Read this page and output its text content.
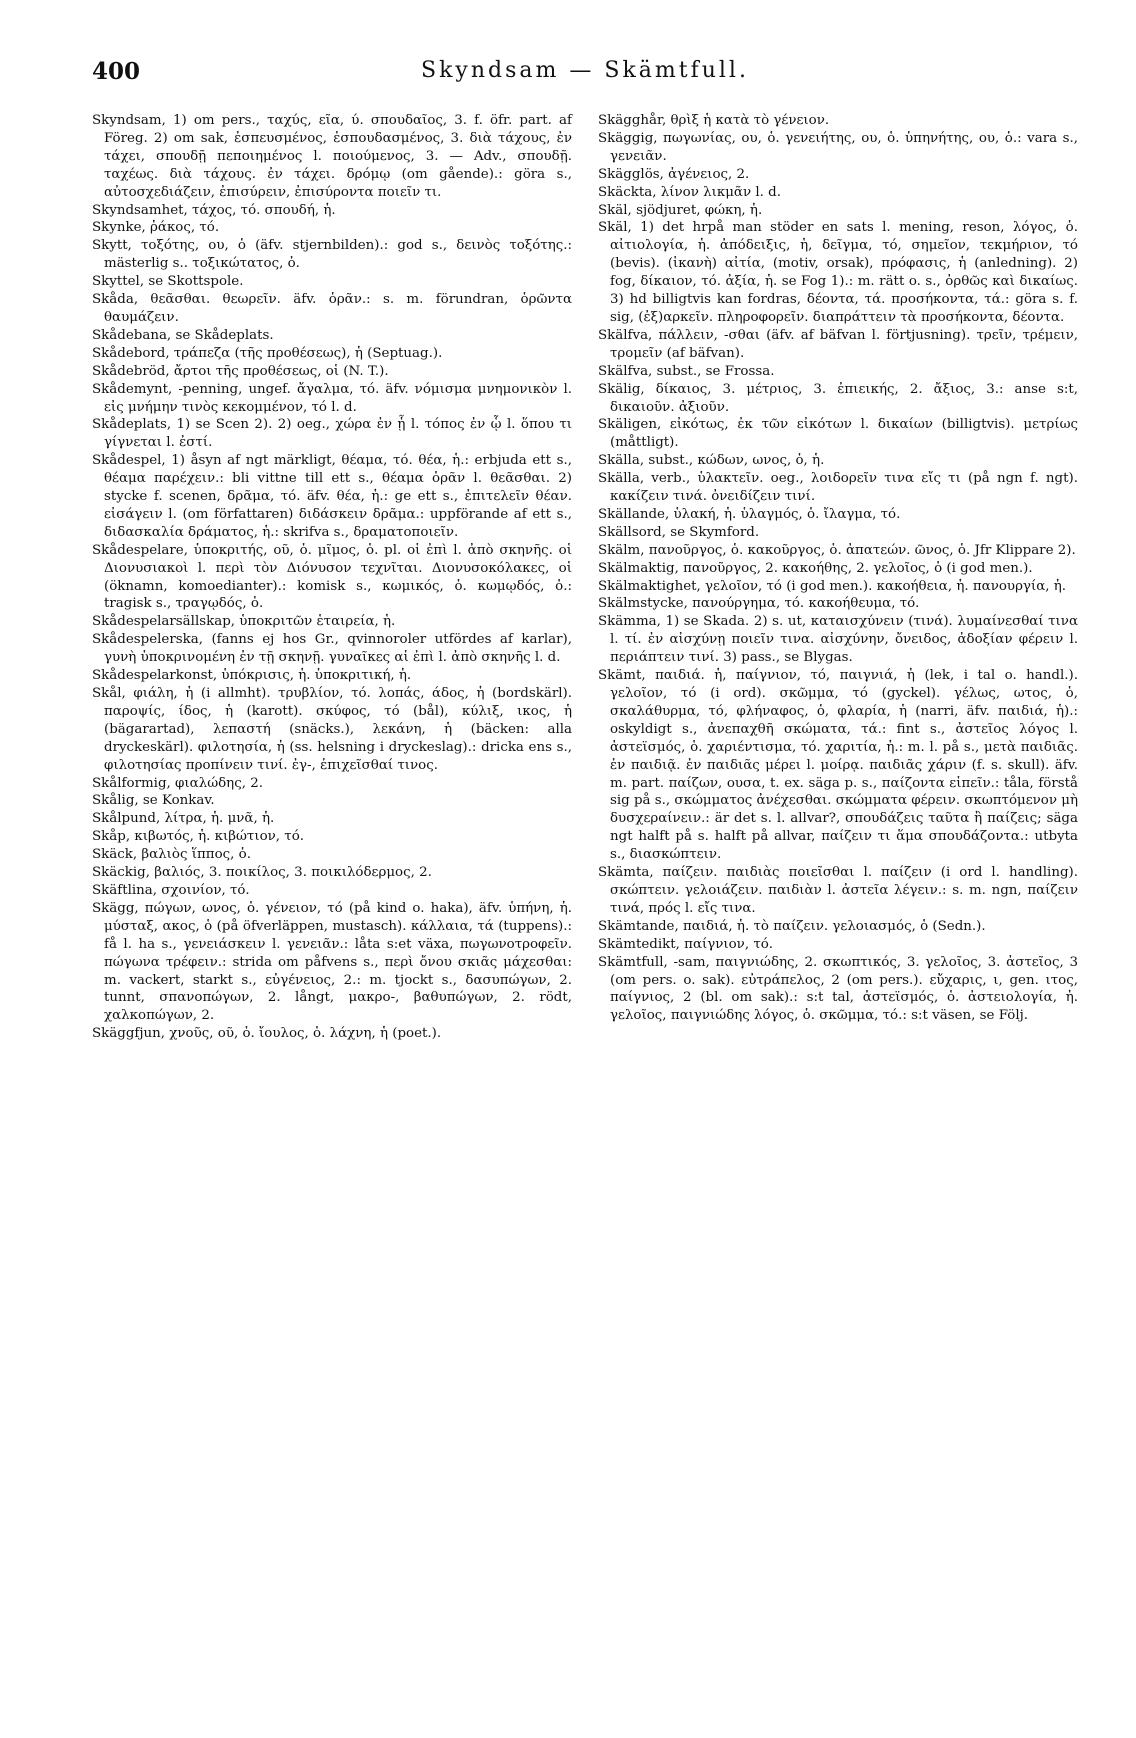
400	Skyndsam — Skämtfull.

Skyndsam, 1) om pers., ταχύς, εῖα, ύ. σπουδαῖος, 3. f. öfr. part. af Föreg. 2) om sak, ἐσπευσμένος, ἐσπουδασμένος, 3. διὰ τάχους, ἐν τάχει, σπουδῇ πεποιημένος l. ποιούμενος, 3. — Adv., σπουδῇ. ταχέως. διὰ τάχους. ἐν τάχει. δρόμῳ (om gående).: göra s., αὐτοσχεδιάζειν, ἐπισύρειν, ἐπισύροντα ποιεῖν τι.

Skyndsamhet, τάχος, τό. σπουδή, ἡ.

Skynke, ῥάκος, τό.

Skytt, τοξότης, ου, ὁ (äfv. stjernbilden).: god s., δεινὸς τοξότης.: mästerlig s.. τοξικώτατος, ὁ.

Skyttel, se Skottspole.

Skåda, θεᾶσθαι. θεωρεῖν. äfv. ὁρᾶν.: s. m. förundran, ὁρῶντα θαυμάζειν.

Skådebana, se Skådeplats.

Skådebord, τράπεζα (τῆς προθέσεως), ἡ (Septuag.).

Skådebröd, ἄρτοι τῆς προθέσεως, οἱ (N. T.).

Skådemynt, -penning, ungef. ἄγαλμα, τό. äfv. νόμισμα μνημονικὸν l. εἰς μνήμην τινὸς κεκομμένον, τό l. d.

Skådeplats, 1) se Scen 2). 2) oeg., χώρα ἐν ᾗ l. τόπος ἐν ᾧ l. ὅπου τι γίγνεται l. ἐστί.

Skådespel, 1) åsyn af ngt märkligt, θέαμα, τό. θέα, ἡ.: erbjuda ett s., θέαμα παρέχειν.: bli vittne till ett s., θέαμα ὁρᾶν l. θεᾶσθαι. 2) stycke f. scenen, δρᾶμα, τό. äfv. θέα, ἡ.: ge ett s., ἐπιτελεῖν θέαν. εἰσάγειν l. (om författaren) διδάσκειν δρᾶμα.: uppförande af ett s., διδασκαλία δράματος, ἡ.: skrifva s., δραματοποιεῖν.

Skådespelare, ὑποκριτής, οῦ, ὁ. μῖμος, ὁ. pl. οἱ ἐπὶ l. ἀπὸ σκηνῆς. οἱ Διονυσιακοὶ l. περὶ τὸν Διόνυσον τεχνῖται. Διονυσοκόλακες, οἱ (öknamn, komoedianter).: komisk s., κωμικός, ὁ. κωμῳδός, ὁ.: tragisk s., τραγῳδός, ὁ.

Skådespelarsällskap, ὑποκριτῶν ἑταιρεία, ἡ.

Skådespelerska, (fanns ej hos Gr., qvinnoroler utfördes af karlar), γυνὴ ὑποκρινομένη ἐν τῇ σκηνῇ. γυναῖκες αἱ ἐπὶ l. ἀπὸ σκηνῆς l. d.

Skådespelarkonst, ὑπόκρισις, ἡ. ὑποκριτική, ἡ.

Skål, φιάλη, ἡ (i allmht). τρυβλίον, τό. λοπάς, άδος, ἡ (bordskärl). παροψίς, ίδος, ἡ (karott). σκύφος, τό (bål), κύλιξ, ικος, ἡ (bägarartad), λεπαστή (snäcks.), λεκάνη, ἡ (bäcken: alla dryckeskärl). φιλοτησία, ἡ (ss. helsning i dryckeslag).: dricka ens s., φιλοτησίας προπίνειν τινί. ἐγ-, ἐπιχεῖσθαί τινος.

Skålformig, φιαλώδης, 2.

Skålig, se Konkav.

Skålpund, λίτρα, ἡ. μνᾶ, ἡ.

Skåp, κιβωτός, ἡ. κιβώτιον, τό.

Skäck, βαλιὸς ἵππος, ὁ.

Skäckig, βαλιός, 3. ποικίλος, 3. ποικιλόδερμος, 2.

Skäftlina, σχοινίον, τό.

Skägg, πώγων, ωνος, ὁ. γένειον, τό (på kind o. haka), äfv. ὑπήνη, ἡ. μύσταξ, ακος, ὁ (på öfverläppen, mustasch). κάλλαια, τά (tuppens).: få l. ha s., γενειάσκειν l. γενειᾶν.: låta s:et växa, πωγωνοτροφεῖν. πώγωνα τρέφειν.: strida om påfvens s., περὶ ὄνου σκιᾶς μάχεσθαι: m. vackert, starkt s., εὐγένειος, 2.: m. tjockt s., δασυπώγων, 2. tunnt, σπανοπώγων, 2. långt, μακρο-, βαθυπώγων, 2. rödt, χαλκοπώγων, 2.

Skäggfjun, χνοῦς, οῦ, ὁ. ἴουλος, ὁ. λάχνη, ἡ (poet.).

Skägghår, θρὶξ ἡ κατὰ τὸ γένειον.

Skäggig, πωγωνίας, ου, ὁ. γενειήτης, ου, ὁ. ὑπηνήτης, ου, ὁ.: vara s., γενειᾶν.

Skägglös, ἀγένειος, 2.

Skäckta, λίνον λικμᾶν l. d.

Skäl, sjödjuret, φώκη, ἡ.

Skäl, 1) det hrpå man stöder en sats l. mening, reson, λόγος, ὁ. αἰτιολογία, ἡ. ἀπόδειξις, ἡ, δεῖγμα, τό, σημεῖον, τεκμήριον, τό (bevis). (ἱκανὴ) αἰτία, (motiv, orsak), πρόφασις, ἡ (anledning). 2) fog, δίκαιον, τό. ἀξία, ἡ. se Fog 1).: m. rätt o. s., ὀρθῶς καὶ δικαίως. 3) hd billigtvis kan fordras, δέοντα, τά. προσήκοντα, τά.: göra s. f. sig, (ἐξ)αρκεῖν. πληροφορεῖν. διαπράττειν τὰ προσήκοντα, δέοντα.

Skälfva, πάλλειν, -σθαι (äfv. af bäfvan l. förtjusning). τρεῖν, τρέμειν, τρομεῖν (af bäfvan).

Skälfva, subst., se Frossa.

Skälig, δίκαιος, 3. μέτριος, 3. ἐπιεικής, 2. ἄξιος, 3.: anse s:t, δικαιοῦν. ἀξιοῦν.

Skäligen, εἰκότως, ἐκ τῶν εἰκότων l. δικαίων (billigtvis). μετρίως (måttligt).

Skälla, subst., κώδων, ωνος, ὁ, ἡ.

Skälla, verb., ὑλακτεῖν. oeg., λοιδορεῖν τινα εἴς τι (på ngn f. ngt). κακίζειν τινά. ὀνειδίζειν τινί.

Skällande, ὑλακή, ἡ. ὑλαγμός, ὁ. ἴλαγμα, τό.

Skällsord, se Skymford.

Skälm, πανοῦργος, ὁ. κακοῦργος, ὁ. ἀπατεών. ῶνος, ὁ. Jfr Klippare 2).

Skälmaktig, πανοῦργος, 2. κακοήθης, 2. γελοῖος, ὁ (i god men.).

Skälmaktighet, γελοῖον, τό (i god men.). κακοήθεια, ἡ. πανουργία, ἡ.

Skälmstycke, πανούργημα, τό. κακοήθευμα, τό.

Skämma, 1) se Skada. 2) s. ut, καταισχύνειν (τινά). λυμαίνεσθαί τινα l. τί. ἐν αἰσχύνῃ ποιεῖν τινα. αἰσχύνην, ὄνειδος, ἀδοξίαν φέρειν l. περιάπτειν τινί. 3) pass., se Blygas.

Skämt, παιδιά. ἡ, παίγνιον, τό, παιγνιά, ἡ (lek, i tal o. handl.). γελοῖον, τό (i ord). σκῶμμα, τό (gyckel). γέλως, ωτος, ὁ, σκαλάθυρμα, τό, φλήναφος, ὁ, φλαρία, ἡ (narri, äfv. παιδιά, ἡ).: oskyldigt s., ἀνεπαχθῆ σκώματα, τά.: fint s., ἀστεῖος λόγος l. ἀστεϊσμός, ὁ. χαριέντισμα, τό. χαριτία, ἡ.: m. l. på s., μετὰ παιδιᾶς. ἐν παιδιᾷ. ἐν παιδιᾶς μέρει l. μοίρᾳ. παιδιᾶς χάριν (f. s. skull). äfv. m. part. παίζων, ουσα, t. ex. säga p. s., παίζοντα εἰπεῖν.: tåla, förstå sig på s., σκώμματος ἀνέχεσθαι. σκώμματα φέρειν. σκωπτόμενον μὴ δυσχεραίνειν.: är det s. l. allvar?, σπουδάζεις ταῦτα ἢ παίζεις; säga ngt halft på s. halft på allvar, παίζειν τι ἅμα σπουδάζοντα.: utbyta s., διασκώπτειν.

Skämta, παίζειν. παιδιὰς ποιεῖσθαι l. παίζειν (i ord l. handling). σκώπτειν. γελοιάζειν. παιδιὰν l. ἀστεῖα λέγειν.: s. m. ngn, παίζειν τινά, πρός l. εἴς τινα.

Skämtande, παιδιά, ἡ. τὸ παίζειν. γελοιασμός, ὁ (Sedn.).

Skämtedikt, παίγνιον, τό.

Skämtfull, -sam, παιγνιώδης, 2. σκωπτικός, 3. γελοῖος, 3. ἀστεῖος, 3 (om pers. o. sak). εὐτράπελος, 2 (om pers.). εὔχαρις, ι, gen. ιτος, παίγνιος, 2 (bl. om sak).: s:t tal, ἀστεϊσμός, ὁ. ἀστειολογία, ἡ. γελοῖος, παιγνιώδης λόγος, ὁ. σκῶμμα, τό.: s:t väsen, se Följ.
